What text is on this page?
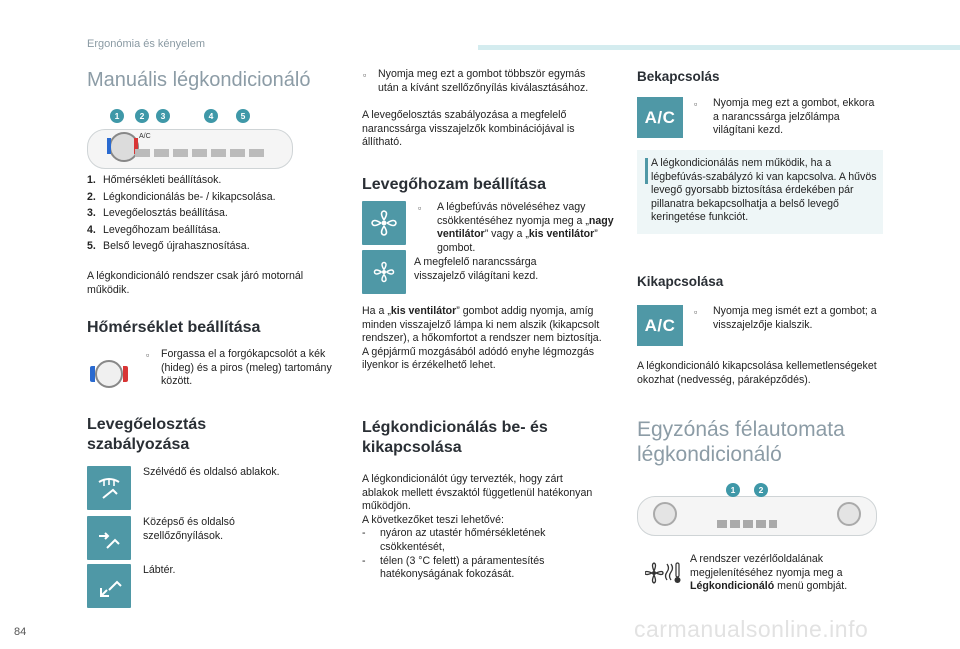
Ergonómia és kényelem
Manuális légkondicionáló
A/C
1	2	3	4	5
1. Hőmérsékleti beállítások.
2. Légkondicionálás be- / kikapcsolása.
3. Levegőelosztás beállítása.
4. Levegőhozam beállítása.
5. Belső levegő újrahasznosítása.
A légkondicionáló rendszer csak járó motornál működik.
Hőmérséklet beállítása
▫ Forgassa el a forgókapcsolót a kék (hideg) és a piros (meleg) tartomány között.
Levegőelosztás szabályozása
Szélvédő és oldalsó ablakok.
Középső és oldalsó szellőzőnyílások.
Lábtér.
▫ Nyomja meg ezt a gombot többször egymás után a kívánt szellőzőnyílás kiválasztásához.
A levegőelosztás szabályozása a megfelelő narancssárga visszajelzők kombinációjával is állítható.
Levegőhozam beállítása
▫ A légbefúvás növeléséhez vagy csökkentéséhez nyomja meg a „nagy ventilátor” vagy a „kis ventilátor” gombot.
A megfelelő narancssárga visszajelző világítani kezd.
Ha a „kis ventilátor” gombot addig nyomja, amíg minden visszajelző lámpa ki nem alszik (kikapcsolt rendszer), a hőkomfortot a rendszer nem biztosítja.
A gépjármű mozgásából adódó enyhe légmozgás ilyenkor is érzékelhető lehet.
Légkondicionálás be- és kikapcsolása
A légkondicionálót úgy tervezték, hogy zárt ablakok mellett évszaktól függetlenül hatékonyan működjön.
A következőket teszi lehetővé:
-	nyáron az utastér hőmérsékletének csökkentését,
-	télen (3 °C felett) a páramentesítés hatékonyságának fokozását.
Bekapcsolás
A/C
▫ Nyomja meg ezt a gombot, ekkora a narancssárga jelzőlámpa világítani kezd.
A légkondicionálás nem működik, ha a légbefúvás-szabályzó ki van kapcsolva. A hűvös levegő gyorsabb biztosítása érdekében pár pillanatra bekapcsolhatja a belső levegő keringetése funkciót.
Kikapcsolása
A/C
▫ Nyomja meg ismét ezt a gombot; a visszajelzője kialszik.
A légkondicionáló kikapcsolása kellemetlenségeket okozhat (nedvesség, páraképződés).
Egyzónás félautomata légkondicionáló
1	2
A rendszer vezérlőoldalának megjelenítéséhez nyomja meg a Légkondicionáló menü gombját.
84	carmanualsonline.info
